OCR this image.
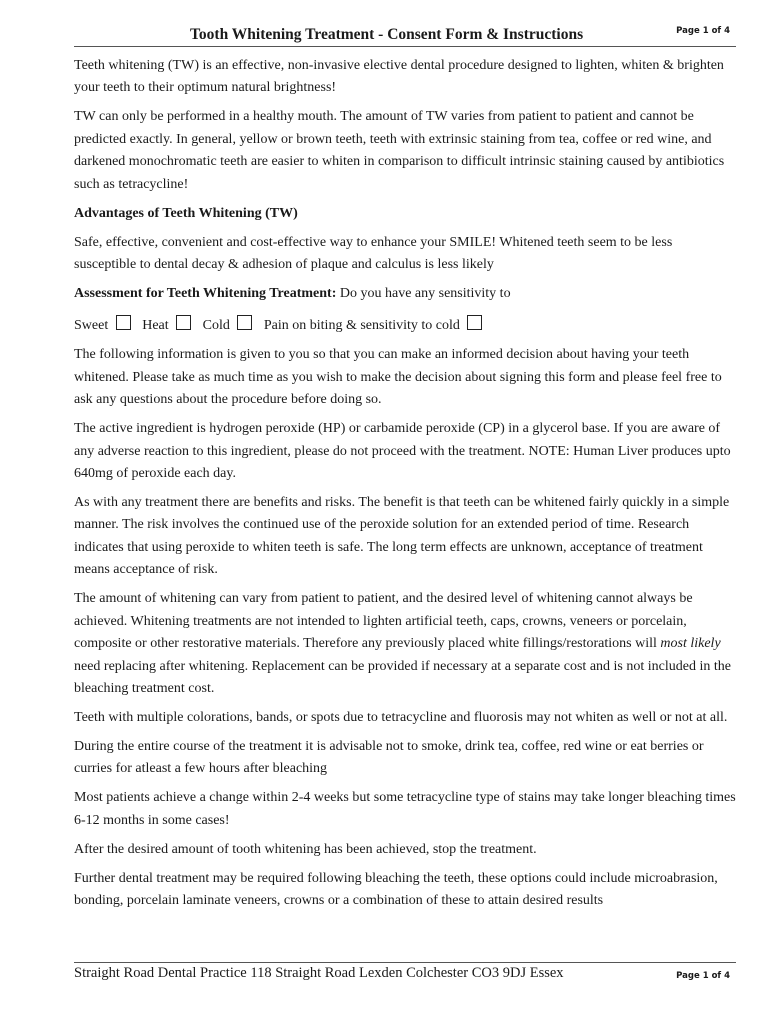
Tooth Whitening Treatment - Consent Form & Instructions	Page 1 of 4

Teeth whitening (TW) is an effective, non-invasive elective dental procedure designed to lighten, whiten & brighten your teeth to their optimum natural brightness!

TW can only be performed in a healthy mouth. The amount of TW varies from patient to patient and cannot be predicted exactly. In general, yellow or brown teeth, teeth with extrinsic staining from tea, coffee or red wine, and darkened monochromatic teeth are easier to whiten in comparison to difficult intrinsic staining caused by antibiotics such as tetracycline!

Advantages of Teeth Whitening (TW)

Safe, effective, convenient and cost-effective way to enhance your SMILE! Whitened teeth seem to be less susceptible to dental decay & adhesion of plaque and calculus is less likely

Assessment for Teeth Whitening Treatment: Do you have any sensitivity to

Sweet Heat Cold Pain on biting & sensitivity to cold

The following information is given to you so that you can make an informed decision about having your teeth whitened. Please take as much time as you wish to make the decision about signing this form and please feel free to ask any questions about the procedure before doing so.

The active ingredient is hydrogen peroxide (HP) or carbamide peroxide (CP) in a glycerol base. If you are aware of any adverse reaction to this ingredient, please do not proceed with the treatment. NOTE: Human Liver produces upto 640mg of peroxide each day.

As with any treatment there are benefits and risks. The benefit is that teeth can be whitened fairly quickly in a simple manner. The risk involves the continued use of the peroxide solution for an extended period of time. Research indicates that using peroxide to whiten teeth is safe. The long term effects are unknown, acceptance of treatment means acceptance of risk.

The amount of whitening can vary from patient to patient, and the desired level of whitening cannot always be achieved. Whitening treatments are not intended to lighten artificial teeth, caps, crowns, veneers or porcelain, composite or other restorative materials. Therefore any previously placed white fillings/restorations will most likely need replacing after whitening. Replacement can be provided if necessary at a separate cost and is not included in the bleaching treatment cost.

Teeth with multiple colorations, bands, or spots due to tetracycline and fluorosis may not whiten as well or not at all.

During the entire course of the treatment it is advisable not to smoke, drink tea, coffee, red wine or eat berries or curries for atleast a few hours after bleaching

Most patients achieve a change within 2-4 weeks but some tetracycline type of stains may take longer bleaching times 6-12 months in some cases!

After the desired amount of tooth whitening has been achieved, stop the treatment.

Further dental treatment may be required following bleaching the teeth, these options could include microabrasion, bonding, porcelain laminate veneers, crowns or a combination of these to attain desired results

Straight Road Dental Practice 118 Straight Road Lexden Colchester CO3 9DJ Essex	Page 1 of 4
